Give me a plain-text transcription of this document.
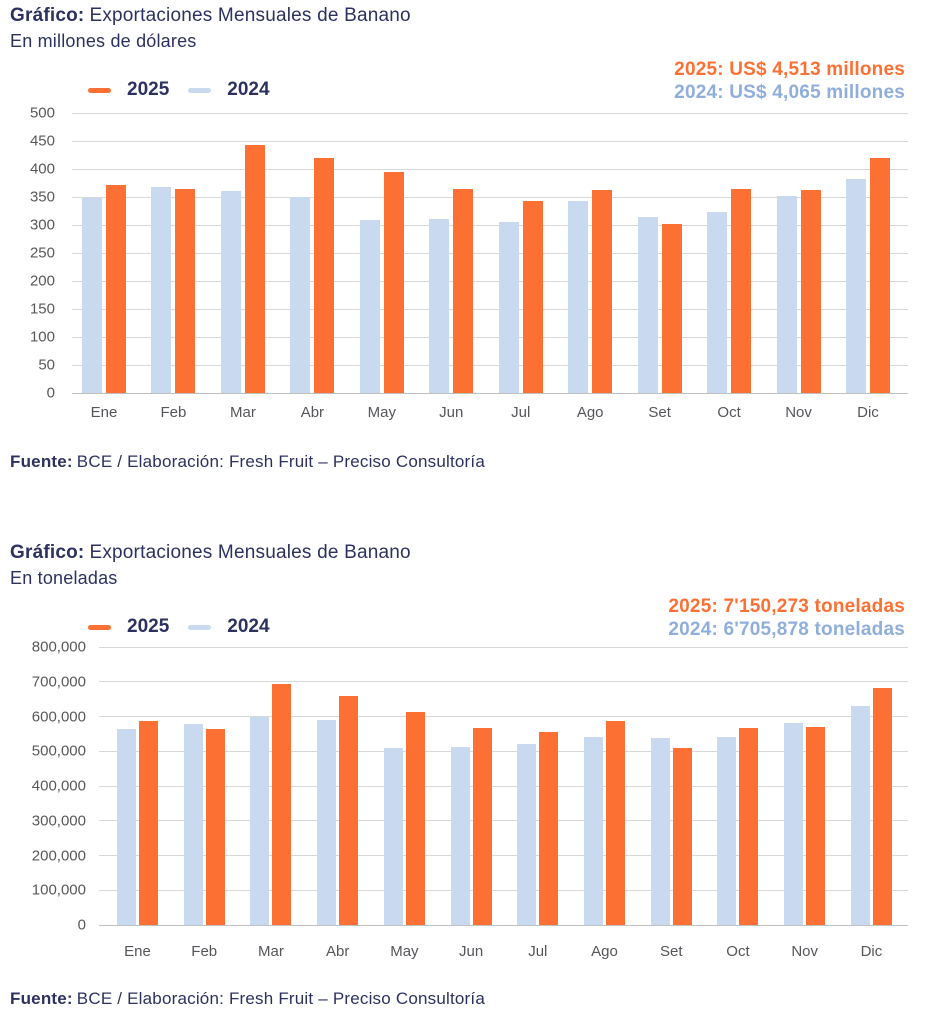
Gráfico: Exportaciones Mensuales de Banano
En millones de dólares
2025	2024
2025: US$ 4,513 millones
2024: US$ 4,065 millones
0
50
100
150
200
250
300
350
400
450
500
Ene	Feb	Mar	Abr	May	Jun	Jul	Ago	Set	Oct	Nov	Dic
Fuente: BCE / Elaboración: Fresh Fruit – Preciso Consultoría
Gráfico: Exportaciones Mensuales de Banano
En toneladas
2025	2024
2025: 7'150,273 toneladas
2024: 6'705,878 toneladas
0
100,000
200,000
300,000
400,000
500,000
600,000
700,000
800,000
Ene	Feb	Mar	Abr	May	Jun	Jul	Ago	Set	Oct	Nov	Dic
Fuente: BCE / Elaboración: Fresh Fruit – Preciso Consultoría
